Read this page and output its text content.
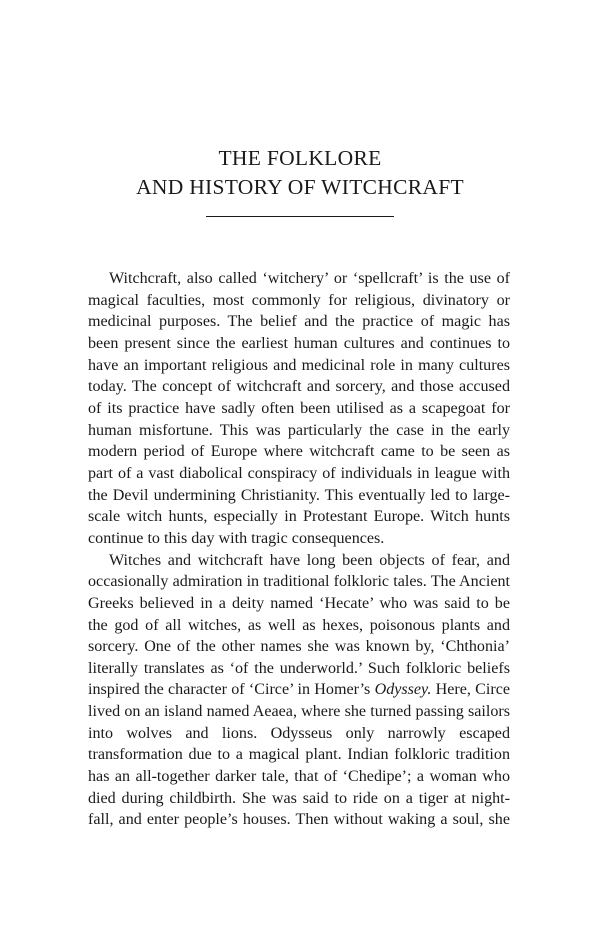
THE FOLKLORE
AND HISTORY OF WITCHCRAFT

Witchcraft, also called ‘witchery’ or ‘spellcraft’ is the use of magical faculties, most commonly for religious, divinatory or medicinal purposes. The belief and the practice of magic has been present since the earliest human cultures and continues to have an important religious and medicinal role in many cultures today. The concept of witchcraft and sorcery, and those accused of its practice have sadly often been utilised as a scapegoat for human misfortune. This was particularly the case in the early modern period of Europe where witchcraft came to be seen as part of a vast diabolical conspiracy of individuals in league with the Devil undermining Christianity. This eventually led to large-scale witch hunts, especially in Protestant Europe. Witch hunts continue to this day with tragic consequences.

Witches and witchcraft have long been objects of fear, and occasionally admiration in traditional folkloric tales. The Ancient Greeks believed in a deity named ‘Hecate’ who was said to be the god of all witches, as well as hexes, poisonous plants and sorcery. One of the other names she was known by, ‘Chthonia’ literally translates as ‘of the underworld.’ Such folkloric beliefs inspired the character of ‘Circe’ in Homer’s Odyssey. Here, Circe lived on an island named Aeaea, where she turned passing sailors into wolves and lions. Odysseus only narrowly escaped transformation due to a magical plant. Indian folkloric tradition has an all-together darker tale, that of ‘Chedipe’; a woman who died during childbirth. She was said to ride on a tiger at night-fall, and enter people’s houses. Then without waking a soul, she
